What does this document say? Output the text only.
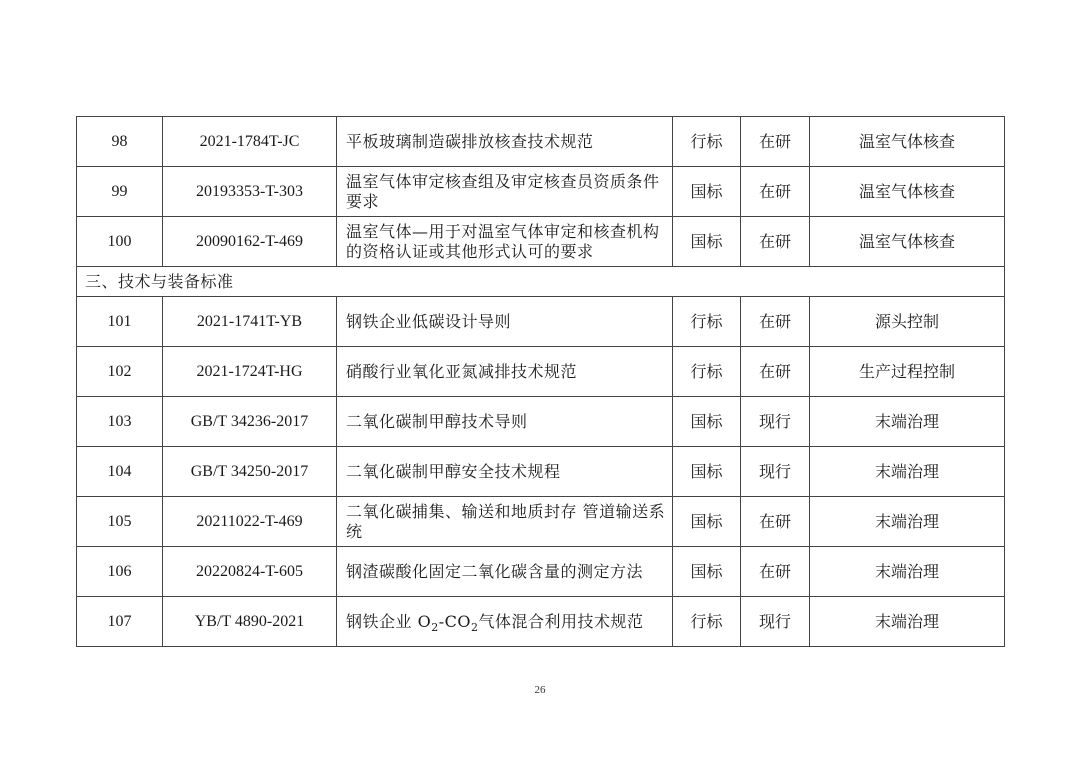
98	2021-1784T-JC	平板玻璃制造碳排放核查技术规范	行标	在研	温室气体核查
99	20193353-T-303	温室气体审定核查组及审定核查员资质条件要求	国标	在研	温室气体核查
100	20090162-T-469	温室气体—用于对温室气体审定和核查机构的资格认证或其他形式认可的要求	国标	在研	温室气体核查
三、技术与装备标准					
101	2021-1741T-YB	钢铁企业低碳设计导则	行标	在研	源头控制
102	2021-1724T-HG	硝酸行业氧化亚氮减排技术规范	行标	在研	生产过程控制
103	GB/T 34236-2017	二氧化碳制甲醇技术导则	国标	现行	末端治理
104	GB/T 34250-2017	二氧化碳制甲醇安全技术规程	国标	现行	末端治理
105	20211022-T-469	二氧化碳捕集、输送和地质封存 管道输送系统	国标	在研	末端治理
106	20220824-T-605	钢渣碳酸化固定二氧化碳含量的测定方法	国标	在研	末端治理
107	YB/T 4890-2021	钢铁企业 $O_2-CO_2$气体混合利用技术规范	行标	现行	末端治理
26
